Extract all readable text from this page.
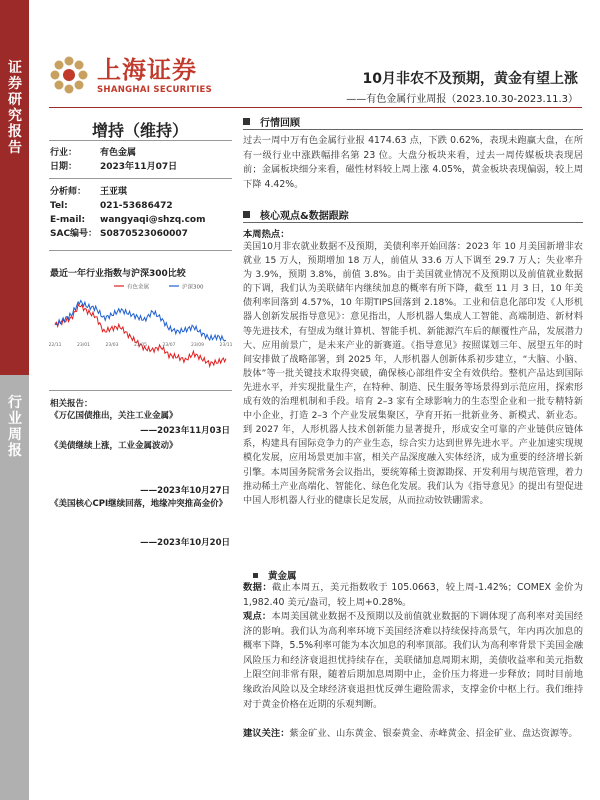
证券研究报告
行业周报
上海证券
SHANGHAI SECURITIES
10月非农不及预期，黄金有望上涨
——有色金属行业周报（2023.10.30-2023.11.3）
增持（维持）
行业：	有色金属
日期：	2023年11月07日
分析师： 王亚琪
Tel:	021-53686472
E-mail: wangyaqi@shzq.com
SAC编号： S0870523060007
最近一年行业指数与沪深300比较
有色金属	沪深300
22/11	23/01	23/03	23/05	23/07	23/09	23/11
相关报告：
《万亿国债推出，关注工业金属》
——2023年11月03日
《美债继续上涨，工业金属波动》
——2023年10月27日
《美国核心CPI继续回落，地缘冲突推高金价》
——2023年10月20日
行情回顾
过去一周中万有色金属行业报 4174.63 点，下跌 0.62%，表现未跑赢大盘，在所有一级行业中涨跌幅排名第 23 位。大盘分板块来看，过去一周传媒板块表现居前；金属板块细分来看，磁性材料较上周上涨 4.05%，黄金板块表现偏弱，较上周下降 4.42%。
核心观点&数据跟踪
本周热点：
美国10月非农就业数据不及预期，美债利率开始回落：2023 年 10 月美国新增非农就业 15 万人，预期增加 18 万人，前值从 33.6 万人下调至 29.7 万人；失业率升为 3.9%，预期 3.8%，前值 3.8%。由于美国就业情况不及预期以及前值就业数据的下调，我们认为美联储年内继续加息的概率有所下降，截至 11 月 3 日，10 年美债利率回落到 4.57%，10 年期TIPS回落到 2.18%。工业和信息化部印发《人形机器人创新发展指导意见》：意见指出，人形机器人集成人工智能、高端制造、新材料等先进技术，有望成为继计算机、智能手机、新能源汽车后的颠覆性产品，发展潜力大、应用前景广，是未来产业的新赛道。《指导意见》按照谋划三年、展望五年的时间安排做了战略部署，到 2025 年，人形机器人创新体系初步建立，“大脑、小脑、肢体”等一批关键技术取得突破，确保核心部组件安全有效供给。整机产品达到国际先进水平，并实现批量生产，在特种、制造、民生服务等场景得到示范应用，探索形成有效的治理机制和手段。培育 2–3 家有全球影响力的生态型企业和一批专精特新中小企业，打造 2–3 个产业发展集聚区，孕育开拓一批新业务、新模式、新业态。到 2027 年，人形机器人技术创新能力显著提升，形成安全可靠的产业链供应链体系，构建具有国际竞争力的产业生态，综合实力达到世界先进水平。产业加速实现规模化发展，应用场景更加丰富，相关产品深度融入实体经济，成为重要的经济增长新引擎。本周国务院常务会议指出，要统筹稀土资源勘探、开发利用与规范管理，着力推动稀土产业高端化、智能化、绿色化发展。我们认为《指导意见》的提出有望促进中国人形机器人行业的健康长足发展，从而拉动钕铁硼需求。
黄金属
数据：截止本周五，美元指数收于 105.0663，较上周-1.42%；COMEX 金价为 1,982.40 美元/盎司，较上周+0.28%。
观点：本周美国就业数据不及预期以及前值就业数据的下调体现了高利率对美国经济的影响。我们认为高利率环境下美国经济难以持续保持高景气，年内再次加息的概率下降，5.5%利率可能为本次加息的利率顶部。我们认为高利率背景下美国金融风险压力和经济衰退担忧持续存在，美联储加息周期末期，美债收益率和美元指数上限空间非常有限，随着后期加息周期中止，金价压力将进一步释放；同时目前地缘政治风险以及全球经济衰退担忧反弹生避险需求，支撑金价中枢上行。我们维持对于黄金价格在近期的乐观判断。
建议关注：紫金矿业、山东黄金、银泰黄金、赤峰黄金、招金矿业、盘达资源等。
